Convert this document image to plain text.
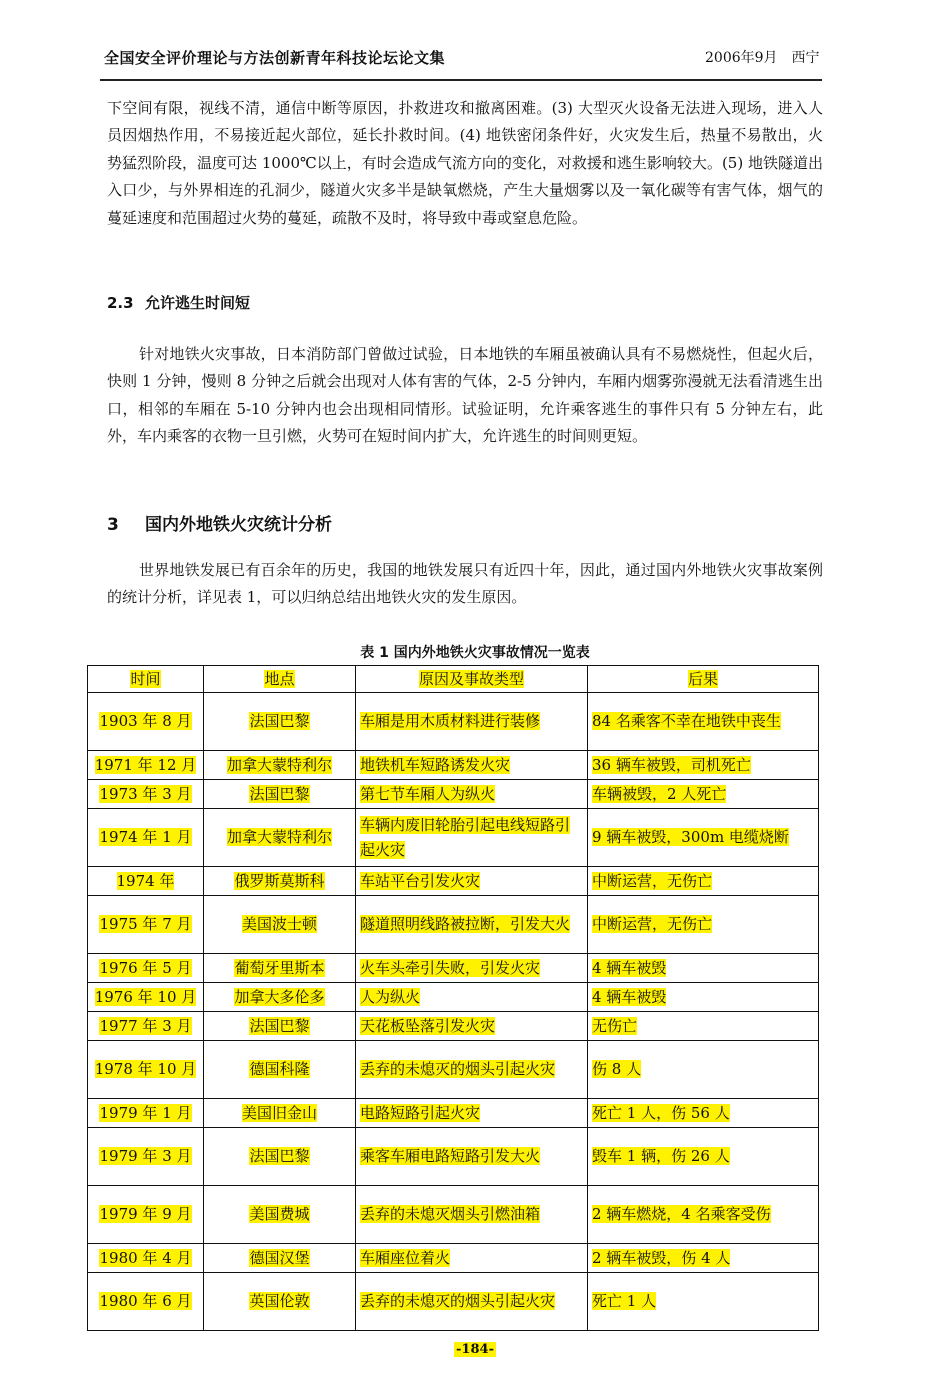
全国安全评价理论与方法创新青年科技论坛论文集	2006年9月　西宁
下空间有限，视线不清，通信中断等原因，扑救进攻和撤离困难。(3) 大型灭火设备无法进入现场，进入人员因烟热作用，不易接近起火部位，延长扑救时间。(4) 地铁密闭条件好，火灾发生后，热量不易散出，火势猛烈阶段，温度可达 1000℃以上，有时会造成气流方向的变化，对救援和逃生影响较大。(5) 地铁隧道出入口少，与外界相连的孔洞少，隧道火灾多半是缺氧燃烧，产生大量烟雾以及一氧化碳等有害气体，烟气的蔓延速度和范围超过火势的蔓延，疏散不及时，将导致中毒或窒息危险。
2.3 允许逃生时间短
针对地铁火灾事故，日本消防部门曾做过试验，日本地铁的车厢虽被确认具有不易燃烧性，但起火后，快则 1 分钟，慢则 8 分钟之后就会出现对人体有害的气体，2-5 分钟内，车厢内烟雾弥漫就无法看清逃生出口，相邻的车厢在 5-10 分钟内也会出现相同情形。试验证明，允许乘客逃生的事件只有 5 分钟左右，此外，车内乘客的衣物一旦引燃，火势可在短时间内扩大，允许逃生的时间则更短。
3 国内外地铁火灾统计分析
世界地铁发展已有百余年的历史，我国的地铁发展只有近四十年，因此，通过国内外地铁火灾事故案例的统计分析，详见表 1，可以归纳总结出地铁火灾的发生原因。
表 1 国内外地铁火灾事故情况一览表
时间	地点	原因及事故类型	后果
1903 年 8 月	法国巴黎	车厢是用木质材料进行装修	84 名乘客不幸在地铁中丧生
1971 年 12 月	加拿大蒙特利尔	地铁机车短路诱发火灾	36 辆车被毁，司机死亡
1973 年 3 月	法国巴黎	第七节车厢人为纵火	车辆被毁，2 人死亡
1974 年 1 月	加拿大蒙特利尔	车辆内废旧轮胎引起电线短路引起火灾	9 辆车被毁，300m 电缆烧断
1974 年	俄罗斯莫斯科	车站平台引发火灾	中断运营，无伤亡
1975 年 7 月	美国波士顿	隧道照明线路被拉断，引发大火	中断运营，无伤亡
1976 年 5 月	葡萄牙里斯本	火车头牵引失败，引发火灾	4 辆车被毁
1976 年 10 月	加拿大多伦多	人为纵火	4 辆车被毁
1977 年 3 月	法国巴黎	天花板坠落引发火灾	无伤亡
1978 年 10 月	德国科隆	丢弃的未熄灭的烟头引起火灾	伤 8 人
1979 年 1 月	美国旧金山	电路短路引起火灾	死亡 1 人，伤 56 人
1979 年 3 月	法国巴黎	乘客车厢电路短路引发大火	毁车 1 辆，伤 26 人
1979 年 9 月	美国费城	丢弃的未熄灭烟头引燃油箱	2 辆车燃烧，4 名乘客受伤
1980 年 4 月	德国汉堡	车厢座位着火	2 辆车被毁，伤 4 人
1980 年 6 月	英国伦敦	丢弃的未熄灭的烟头引起火灾	死亡 1 人
-184-
